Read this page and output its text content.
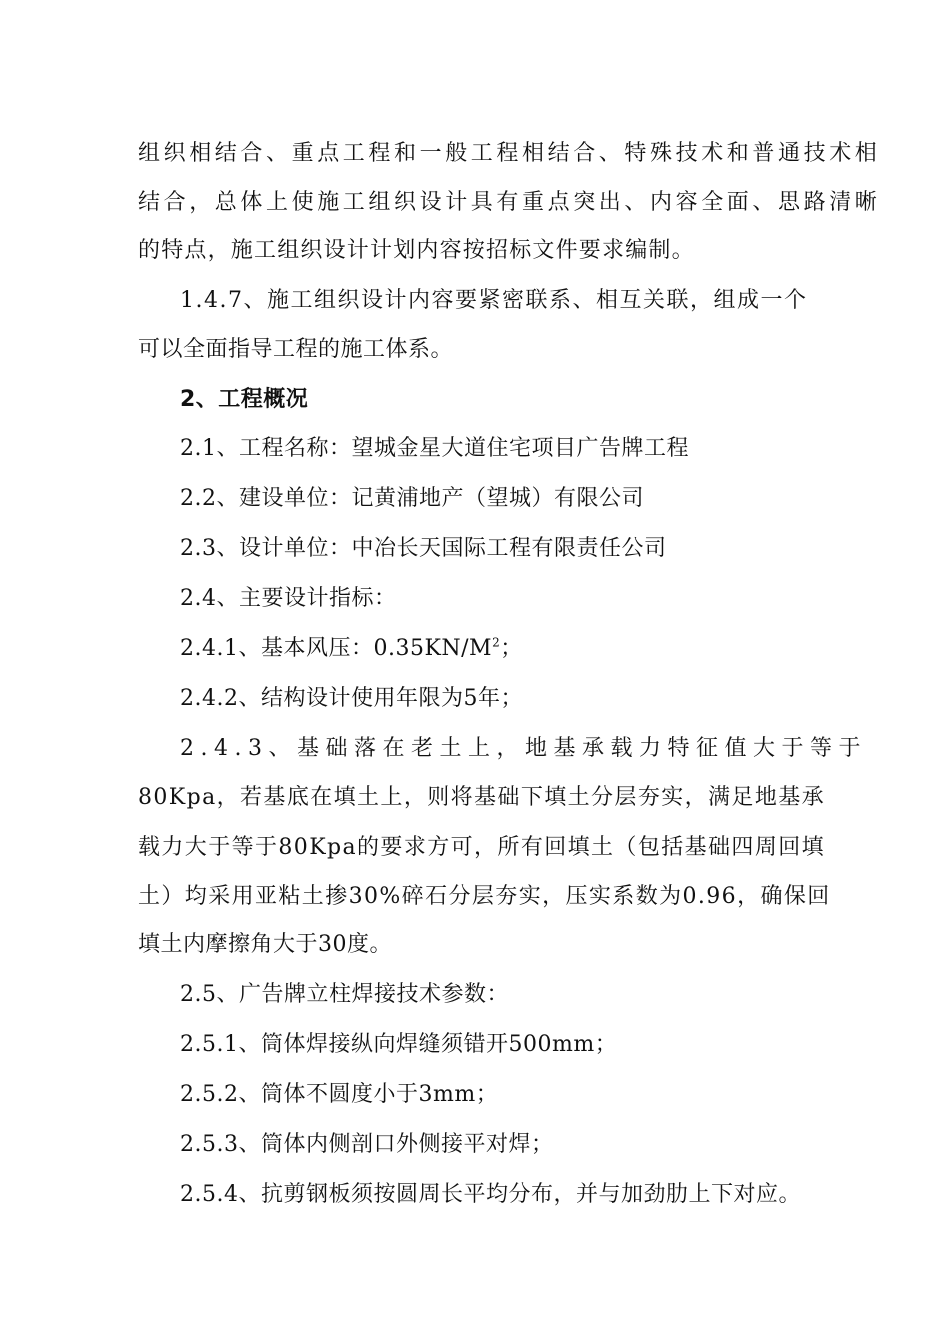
组织相结合、重点工程和一般工程相结合、特殊技术和普通技术相

结合，总体上使施工组织设计具有重点突出、内容全面、思路清晰

的特点，施工组织设计计划内容按招标文件要求编制。

1.4.7、施工组织设计内容要紧密联系、相互关联，组成一个

可以全面指导工程的施工体系。

2、工程概况

2.1、工程名称：望城金星大道住宅项目广告牌工程

2.2、建设单位：记黄浦地产（望城）有限公司

2.3、设计单位：中冶长天国际工程有限责任公司

2.4、主要设计指标：

2.4.1、基本风压：$0.35KN/M^2$；

2.4.2、结构设计使用年限为5年；

2.4.3、基础落在老土上，地基承载力特征值大于等于

80Kpa，若基底在填土上，则将基础下填土分层夯实，满足地基承

载力大于等于80Kpa的要求方可，所有回填土（包括基础四周回填

土）均采用亚粘土掺30%碎石分层夯实，压实系数为0.96，确保回

填土内摩擦角大于30度。

2.5、广告牌立柱焊接技术参数：

2.5.1、筒体焊接纵向焊缝须错开500mm；

2.5.2、筒体不圆度小于3mm；

2.5.3、筒体内侧剖口外侧接平对焊；

2.5.4、抗剪钢板须按圆周长平均分布，并与加劲肋上下对应。
